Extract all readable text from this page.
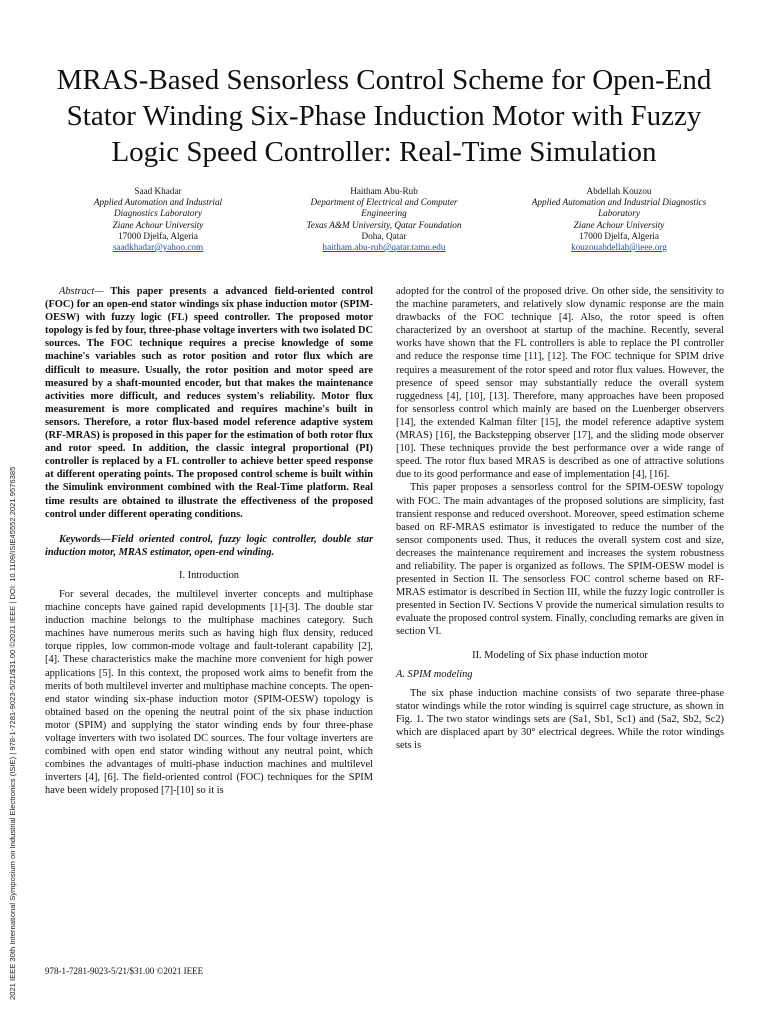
MRAS-Based Sensorless Control Scheme for Open-End Stator Winding Six-Phase Induction Motor with Fuzzy Logic Speed Controller: Real-Time Simulation
Saad Khadar
Applied Automation and Industrial
Diagnostics Laboratory
Ziane Achour University
17000 Djelfa, Algeria
saadkhadar@yahoo.com
Haitham Abu-Rub
Department of Electrical and Computer
Engineering
Texas A&M University, Qatar Foundation
Doha, Qatar
haitham.abu-rub@qatar.tamu.edu
Abdellah Kouzou
Applied Automation and Industrial Diagnostics
Laboratory
Ziane Achour University
17000 Djelfa, Algeria
kouzouabdellah@ieee.org

Abstract— This paper presents a advanced field-oriented control (FOC) for an open-end stator windings six phase induction motor (SPIM-OESW) with fuzzy logic (FL) speed controller. The proposed motor topology is fed by four, three-phase voltage inverters with two isolated DC sources. The FOC technique requires a precise knowledge of some machine's variables such as rotor position and rotor flux which are difficult to measure. Usually, the rotor position and motor speed are measured by a shaft-mounted encoder, but that makes the maintenance activities more difficult, and reduces system's reliability. Motor flux measurement is more complicated and requires machine's built in sensors. Therefore, a rotor flux-based model reference adaptive system (RF-MRAS) is proposed in this paper for the estimation of both rotor flux and rotor speed. In addition, the classic integral proportional (PI) controller is replaced by a FL controller to achieve better speed response at different operating points. The proposed control scheme is built within the Simulink environment combined with the Real-Time platform. Real time results are obtained to illustrate the effectiveness of the proposed control under different operating conditions.

Keywords—Field oriented control, fuzzy logic controller, double star induction motor, MRAS estimator, open-end winding.

I. Introduction

For several decades, the multilevel inverter concepts and multiphase machine concepts have gained rapid developments [1]-[3]. The double star induction machine belongs to the multiphase machines category. Such machines have numerous merits such as having high flux density, reduced torque ripples, low common-mode voltage and fault-tolerant capability [2], [4]. These characteristics make the machine more convenient for high power applications [5]. In this context, the proposed work aims to benefit from the merits of both multilevel inverter and multiphase machine concepts. The open-end stator winding six-phase induction motor (SPIM-OESW) topology is obtained based on the opening the neutral point of the six phase induction motor (SPIM) and supplying the stator winding ends by four three-phase voltage inverters with two isolated DC sources. The four voltage inverters are combined with open end stator winding without any neutral point, which combines the advantages of multi-phase induction machines and multilevel inverters [4], [6]. The field-oriented control (FOC) techniques for the SPIM have been widely proposed [7]-[10] so it is

adopted for the control of the proposed drive. On other side, the sensitivity to the machine parameters, and relatively slow dynamic response are the main drawbacks of the FOC technique [4]. Also, the rotor speed is often characterized by an overshoot at startup of the machine. Recently, several works have shown that the FL controllers is able to replace the PI controller and reduce the response time [11], [12]. The FOC technique for SPIM drive requires a measurement of the rotor speed and rotor flux values. However, the presence of speed sensor may substantially reduce the overall system ruggedness [4], [10], [13]. Therefore, many approaches have been proposed for sensorless control which mainly are based on the Luenberger observers [14], the extended Kalman filter [15], the model reference adaptive system (MRAS) [16], the Backstepping observer [17], and the sliding mode observer [10]. These techniques provide the best performance over a wide range of speed. The rotor flux based MRAS is described as one of attractive solutions due to its good performance and ease of implementation [4], [16].

This paper proposes a sensorless control for the SPIM-OESW topology with FOC. The main advantages of the proposed solutions are simplicity, fast transient response and reduced overshoot. Moreover, speed estimation scheme based on RF-MRAS estimator is investigated to reduce the number of the sensor components used. Thus, it reduces the overall system cost and size, decreases the maintenance requirement and increases the system robustness and reliability. The paper is organized as follows. The SPIM-OESW model is presented in Section II. The sensorless FOC control scheme based on RF-MRAS estimator is described in Section III, while the fuzzy logic controller is presented in Section IV. Sections V provide the numerical simulation results to evaluate the proposed control system. Finally, concluding remarks are given in section VI.

II. Modeling of Six phase induction motor

A. SPIM modeling

The six phase induction machine consists of two separate three-phase stator windings while the rotor winding is squirrel cage structure, as shown in Fig. 1. The two stator windings sets are (Sa1, Sb1, Sc1) and (Sa2, Sb2, Sc2) which are displaced apart by 30° electrical degrees. While the rotor windings sets is

2021 IEEE 30th International Symposium on Industrial Electronics (ISIE) | 978-1-7281-9023-5/21/$31.00 ©2021 IEEE | DOI: 10.1109/ISIE45552.2021.9576385	978-1-7281-9023-5/21/$31.00 ©2021 IEEE
